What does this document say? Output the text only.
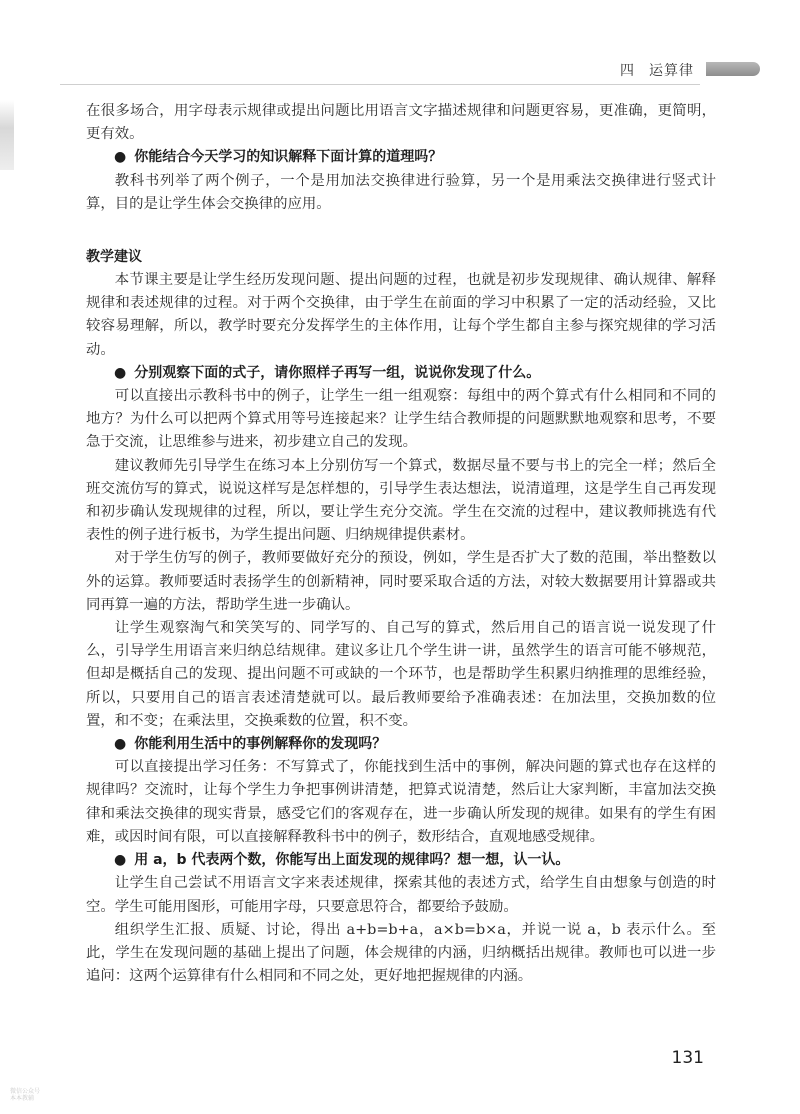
四 运算律

在很多场合，用字母表示规律或提出问题比用语言文字描述规律和问题更容易，更准确，更简明，更有效。

● 你能结合今天学习的知识解释下面计算的道理吗？

教科书列举了两个例子，一个是用加法交换律进行验算，另一个是用乘法交换律进行竖式计算，目的是让学生体会交换律的应用。

教学建议

本节课主要是让学生经历发现问题、提出问题的过程，也就是初步发现规律、确认规律、解释规律和表述规律的过程。对于两个交换律，由于学生在前面的学习中积累了一定的活动经验，又比较容易理解，所以，教学时要充分发挥学生的主体作用，让每个学生都自主参与探究规律的学习活动。

● 分别观察下面的式子，请你照样子再写一组，说说你发现了什么。

可以直接出示教科书中的例子，让学生一组一组观察：每组中的两个算式有什么相同和不同的地方？为什么可以把两个算式用等号连接起来？让学生结合教师提的问题默默地观察和思考，不要急于交流，让思维参与进来，初步建立自己的发现。

建议教师先引导学生在练习本上分别仿写一个算式，数据尽量不要与书上的完全一样；然后全班交流仿写的算式，说说这样写是怎样想的，引导学生表达想法，说清道理，这是学生自己再发现和初步确认发现规律的过程，所以，要让学生充分交流。学生在交流的过程中，建议教师挑选有代表性的例子进行板书，为学生提出问题、归纳规律提供素材。

对于学生仿写的例子，教师要做好充分的预设，例如，学生是否扩大了数的范围，举出整数以外的运算。教师要适时表扬学生的创新精神，同时要采取合适的方法，对较大数据要用计算器或共同再算一遍的方法，帮助学生进一步确认。

让学生观察淘气和笑笑写的、同学写的、自己写的算式，然后用自己的语言说一说发现了什么，引导学生用语言来归纳总结规律。建议多让几个学生讲一讲，虽然学生的语言可能不够规范，但却是概括自己的发现、提出问题不可或缺的一个环节，也是帮助学生积累归纳推理的思维经验，所以，只要用自己的语言表述清楚就可以。最后教师要给予准确表述：在加法里，交换加数的位置，和不变；在乘法里，交换乘数的位置，积不变。

● 你能利用生活中的事例解释你的发现吗？

可以直接提出学习任务：不写算式了，你能找到生活中的事例，解决问题的算式也存在这样的规律吗？交流时，让每个学生力争把事例讲清楚，把算式说清楚，然后让大家判断，丰富加法交换律和乘法交换律的现实背景，感受它们的客观存在，进一步确认所发现的规律。如果有的学生有困难，或因时间有限，可以直接解释教科书中的例子，数形结合，直观地感受规律。

● 用 a，b 代表两个数，你能写出上面发现的规律吗？想一想，认一认。

让学生自己尝试不用语言文字来表述规律，探索其他的表述方式，给学生自由想象与创造的时空。学生可能用图形，可能用字母，只要意思符合，都要给予鼓励。

组织学生汇报、质疑、讨论，得出 a+b=b+a，a×b=b×a，并说一说 a，b 表示什么。至此，学生在发现问题的基础上提出了问题，体会规律的内涵，归纳概括出规律。教师也可以进一步追问：这两个运算律有什么相同和不同之处，更好地把握规律的内涵。

131
微信公众号
本本教辅
